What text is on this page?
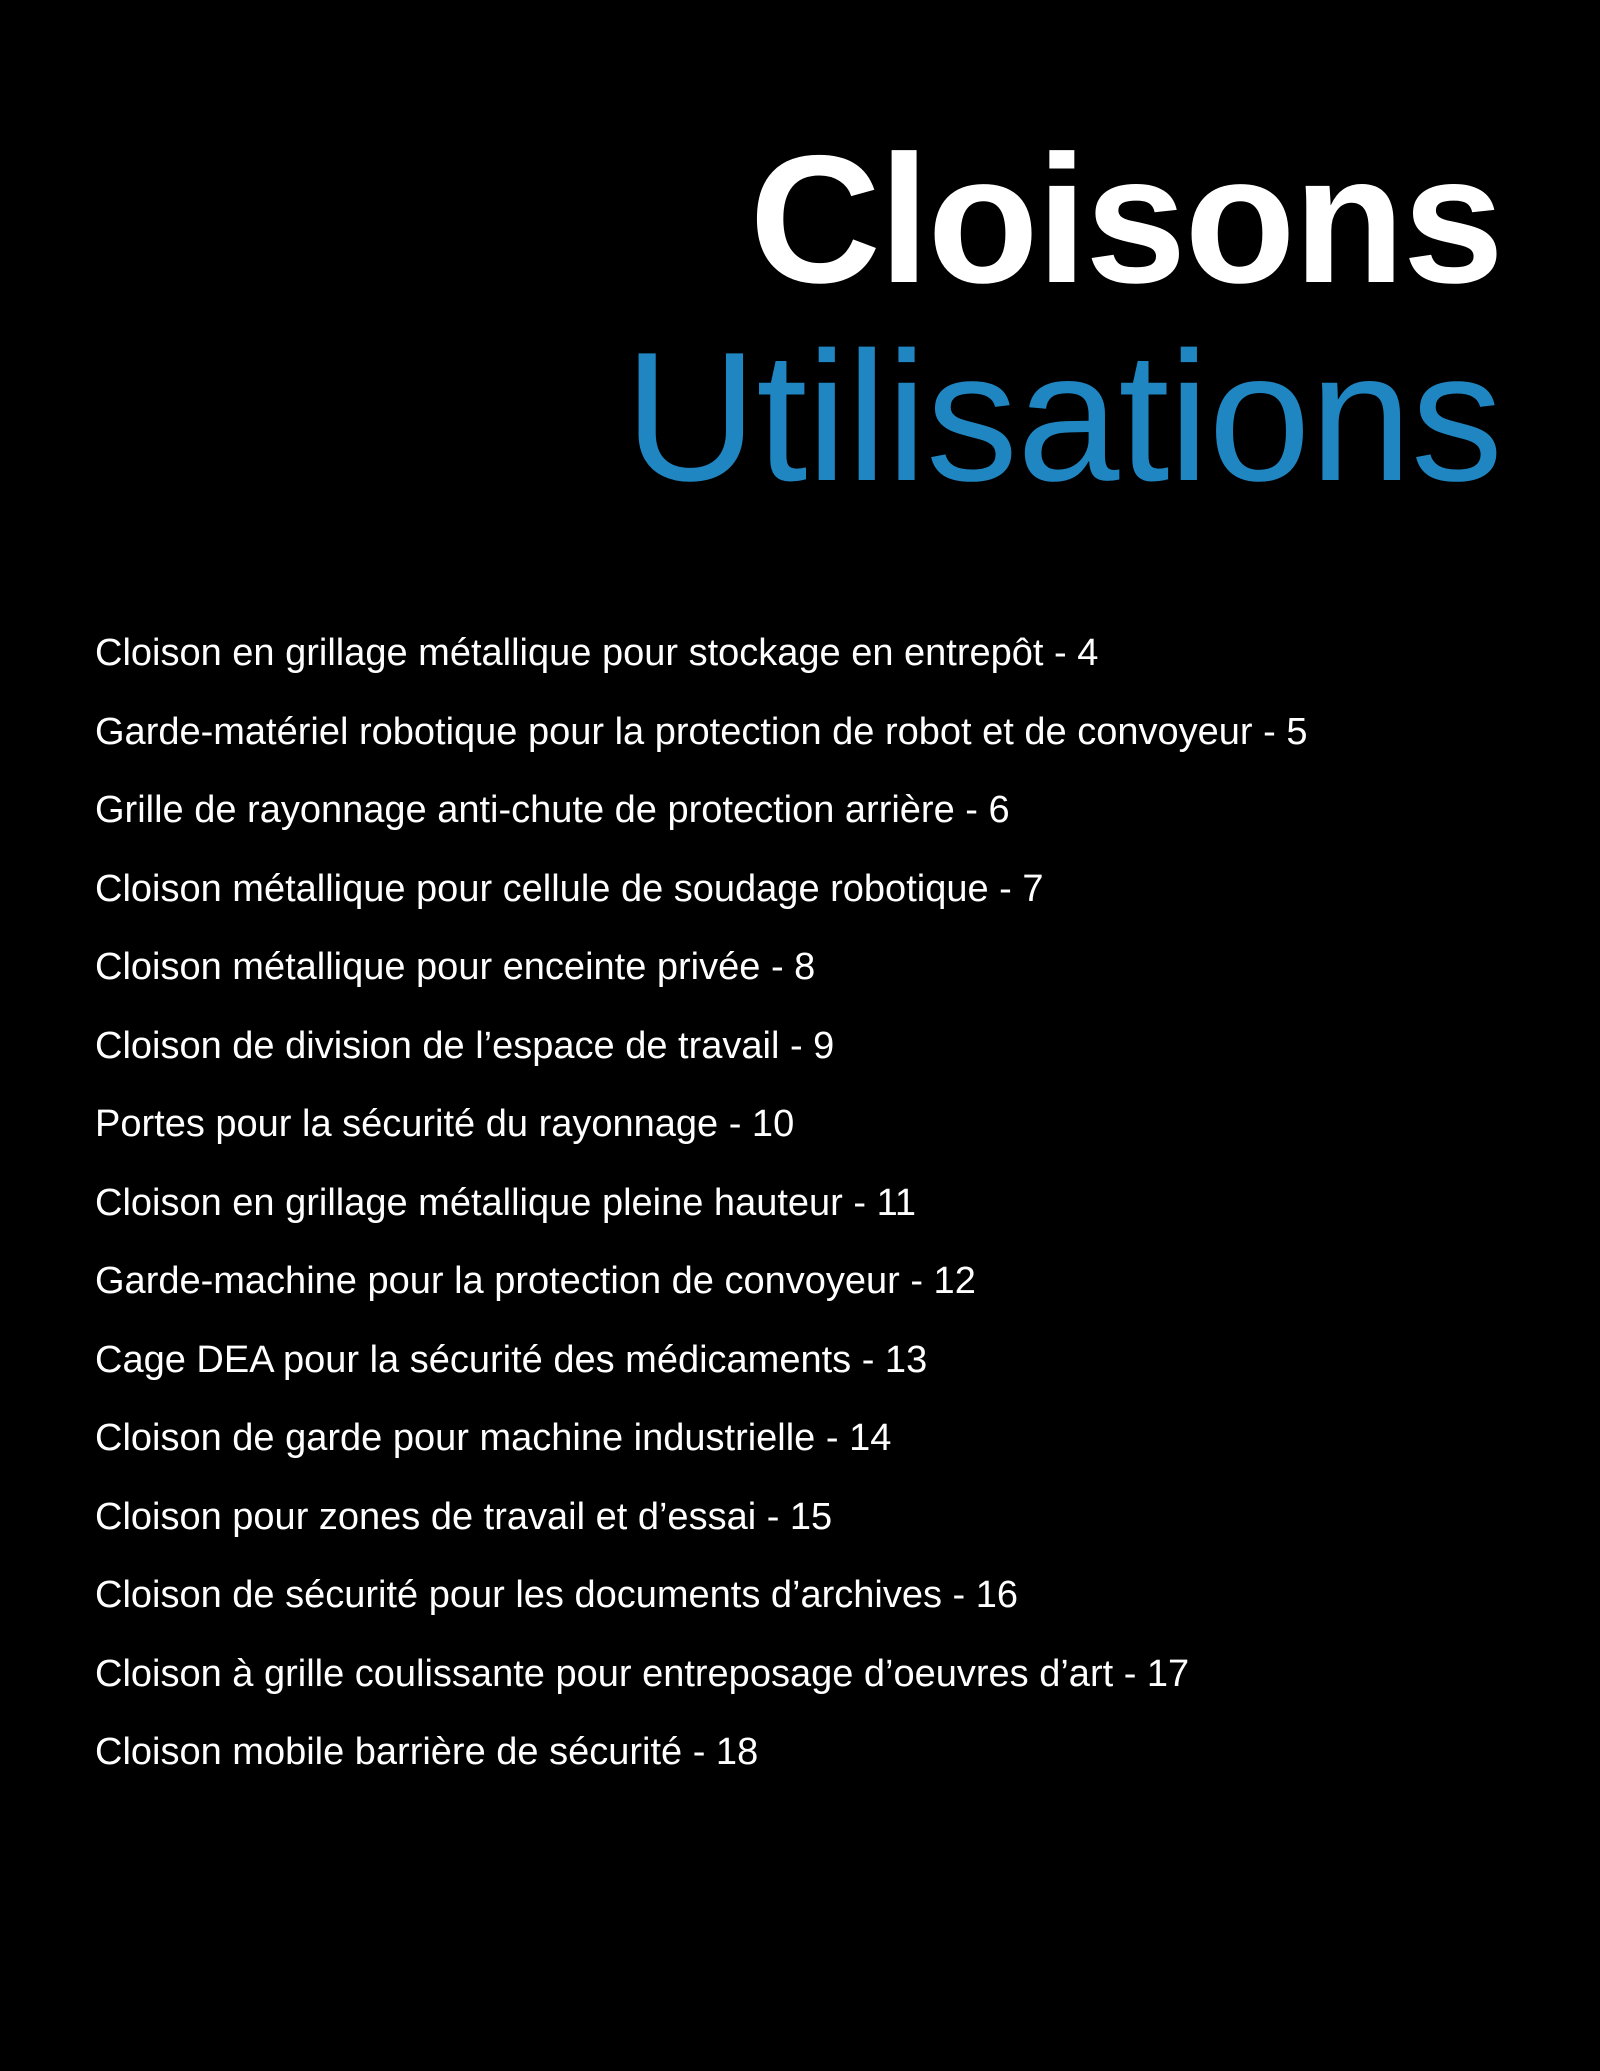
Cloisons
Utilisations
Cloison en grillage métallique pour stockage en entrepôt - 4
Garde-matériel robotique pour la protection de robot et de convoyeur - 5
Grille de rayonnage anti-chute de protection arrière - 6
Cloison métallique pour cellule de soudage robotique - 7
Cloison métallique pour enceinte privée - 8
Cloison de division de l’espace de travail - 9
Portes pour la sécurité du rayonnage - 10
Cloison en grillage métallique pleine hauteur - 11
Garde-machine pour la protection de convoyeur - 12
Cage DEA pour la sécurité des médicaments - 13
Cloison de garde pour machine industrielle - 14
Cloison pour zones de travail et d’essai - 15
Cloison de sécurité pour les documents d’archives - 16
Cloison à grille coulissante pour entreposage d’oeuvres d’art - 17
Cloison mobile barrière de sécurité - 18
